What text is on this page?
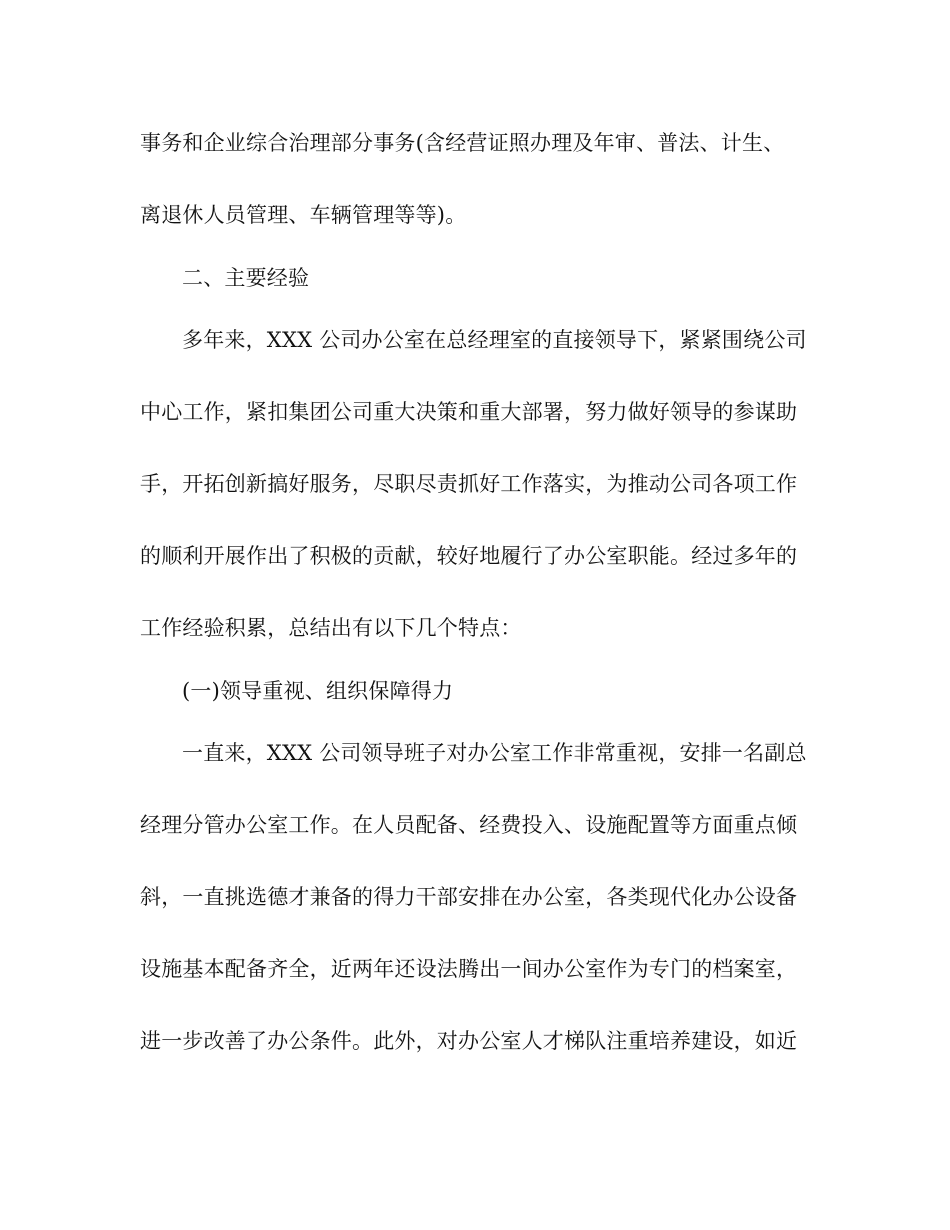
事务和企业综合治理部分事务(含经营证照办理及年审、普法、计生、
离退休人员管理、车辆管理等等)。
二、主要经验
多年来，XXX 公司办公室在总经理室的直接领导下，紧紧围绕公司
中心工作，紧扣集团公司重大决策和重大部署，努力做好领导的参谋助
手，开拓创新搞好服务，尽职尽责抓好工作落实，为推动公司各项工作
的顺利开展作出了积极的贡献，较好地履行了办公室职能。经过多年的
工作经验积累，总结出有以下几个特点：
(一)领导重视、组织保障得力
一直来，XXX 公司领导班子对办公室工作非常重视，安排一名副总
经理分管办公室工作。在人员配备、经费投入、设施配置等方面重点倾
斜，一直挑选德才兼备的得力干部安排在办公室，各类现代化办公设备
设施基本配备齐全，近两年还设法腾出一间办公室作为专门的档案室，
进一步改善了办公条件。此外，对办公室人才梯队注重培养建设，如近
